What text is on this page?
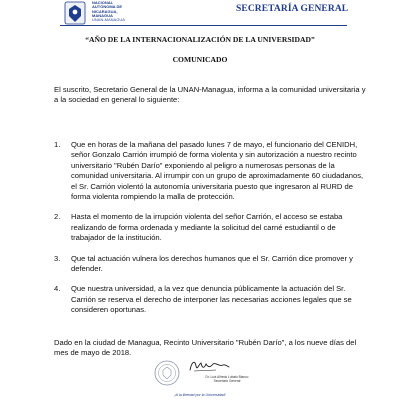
NACIONAL
AUTÓNOMA DE
NICARAGUA,
MANAGUA
UNAN-MANAGUA
SECRETARÍA GENERAL
“AÑO DE LA INTERNACIONALIZACIÓN DE LA UNIVERSIDAD”
COMUNICADO
El suscrito, Secretario General de la UNAN-Managua, informa a la comunidad universitaria y a la sociedad en general lo siguiente:
1. Que en horas de la mañana del pasado lunes 7 de mayo, el funcionario del CENIDH, señor Gonzalo Carrión irrumpió de forma violenta y sin autorización a nuestro recinto universitario "Rubén Darío" exponiendo al peligro a numerosas personas de la comunidad universitaria. Al irrumpir con un grupo de aproximadamente 60 ciudadanos, el Sr. Carrión violentó la autonomía universitaria puesto que ingresaron al RURD de forma violenta rompiendo la malla de protección.
2. Hasta el momento de la irrupción violenta del señor Carrión, el acceso se estaba realizando de forma ordenada y mediante la solicitud del carné estudiantil o de trabajador de la institución.
3. Que tal actuación vulnera los derechos humanos que el Sr. Carrión dice promover y defender.
4. Que nuestra universidad, a la vez que denuncia públicamente la actuación del Sr. Carrión se reserva el derecho de interponer las necesarias acciones legales que se consideren oportunas.
Dado en la ciudad de Managua, Recinto Universitario "Rubén Darío", a los nueve días del mes de mayo de 2018.
Dr. Luis Alfredo Lobato Blanco
Secretario General
¡A la libertad por la Universidad!
